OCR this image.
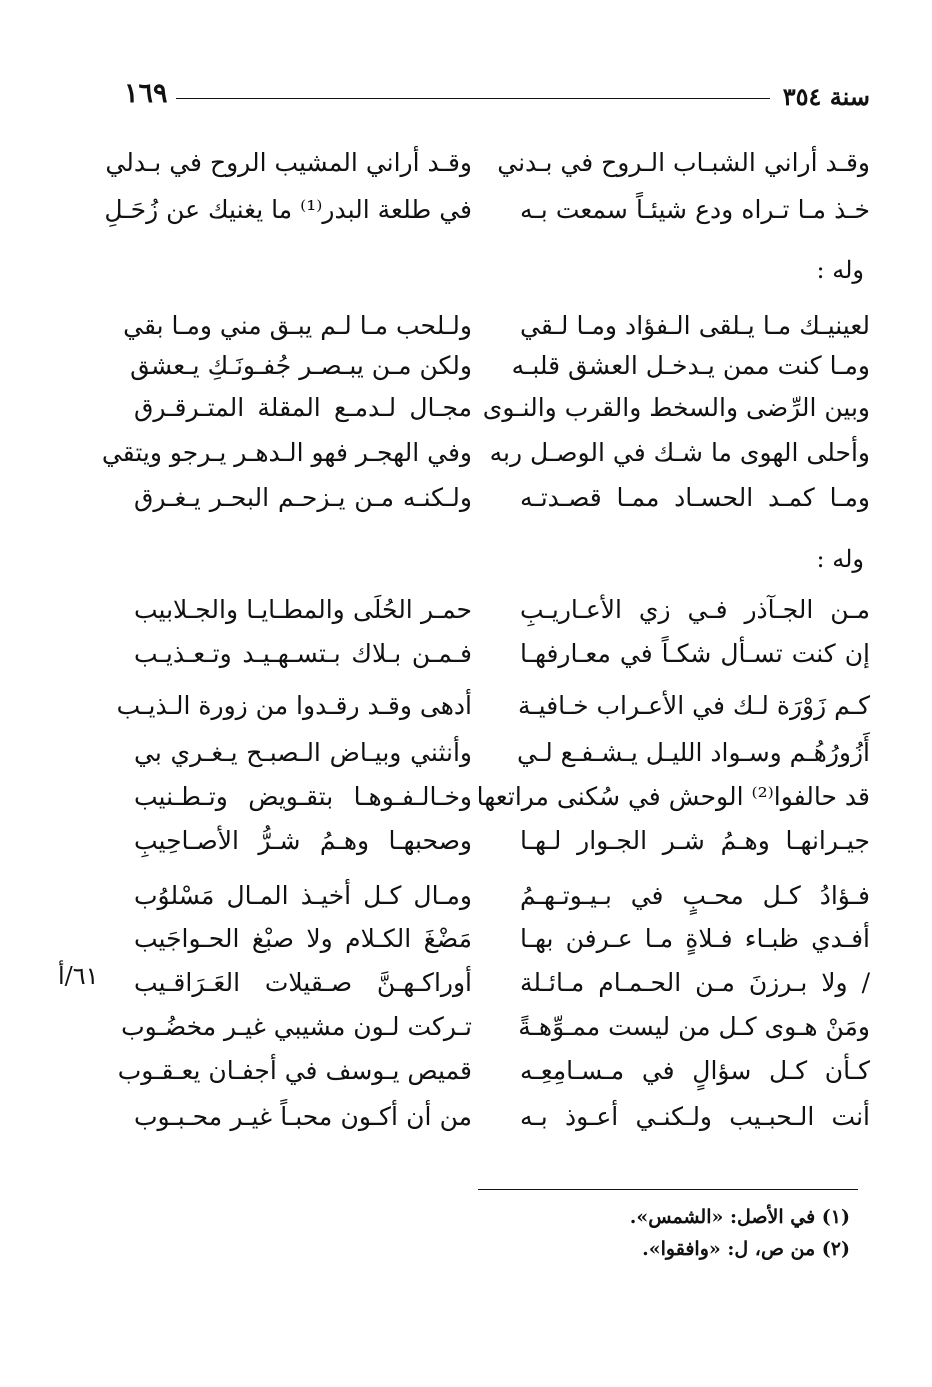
١٦٩	سنة ٣٥٤
وقـد أراني الشبـاب الـروح في بـدني
وقـد أراني المشيب الروح في بـدلي
خـذ مـا تـراه ودع شيئـاً سمعت بـه
في طلعة البدر⁽¹⁾ ما يغنيك عن زُحَـلِ
وله :
لعينيـك مـا يـلقى الـفؤاد ومـا لـقي
ولـلحب مـا لـم يبـق مني ومـا بقي
ومـا كنت ممن يـدخـل العشق قلبـه
ولكن مـن يبـصـر جُفـونَـكِ يـعشق
وبين الرِّضى والسخط والقرب والنـوى
مجـال لـدمـع المقلة المتـرقـرق
وأحلى الهوى ما شـك في الوصـل ربه
وفي الهجـر فهو الـدهـر يـرجو ويتقي
ومـا كمـد الحسـاد ممـا قصـدتـه
ولـكنـه مـن يـزحـم البحـر يـغـرق
وله :
مـن الجـآذر فـي زي الأعـاريـبِ
حمـر الحُلَى والمطـايـا والجـلابيب
إن كنت تسـأل شكـاً في معـارفهـا
فـمـن بـلاك بـتسـهـيـد وتـعـذيـب
كـم زَوْرَة لـك في الأعـراب خـافيـة
أدهى وقـد رقـدوا من زورة الـذيـب
أَزُورُهُـم وسـواد الليـل يـشـفـع لـي
وأنثني وبيـاض الـصبـح يـغـري بي
قد حالفوا⁽²⁾ الوحش في سُكنى مراتعها
وخـالـفـوهـا بتقـويض وتـطـنيب
جيـرانهـا وهـمُ شـر الجـوار لـهـا
وصحبهـا وهـمُ شـرُّ الأصـاحِيبِ
فـؤادُ كـل محـبٍ في بـيـوتـهـمُ
ومـال كـل أخيـذ المـال مَسْلوُب
أفـدي ظبـاء فـلاةٍ مـا عـرفن بهـا
مَضْغَ الكـلام ولا صبْغ الحـواجَيب
/ ولا بـرزنَ مـن الحـمـام مـائـلة
أوراكـهـنَّ صـقيلات العَـرَاقـيب
ومَنْ هـوى كـل من ليست ممـوِّهـةً
تـركت لـون مشيبي غيـر مخضُـوب
كـأن كـل سؤالٍ في مـسـامِعِـه
قميص يـوسف في أجفـان يعـقـوب
أنت الـحبـيب ولـكنـي أعـوذ بـه
من أن أكـون محبـاً غيـر محـبـوب
٦١/أ
(١) في الأصل: «الشمس».
(٢) من ص، ل: «وافقوا».
